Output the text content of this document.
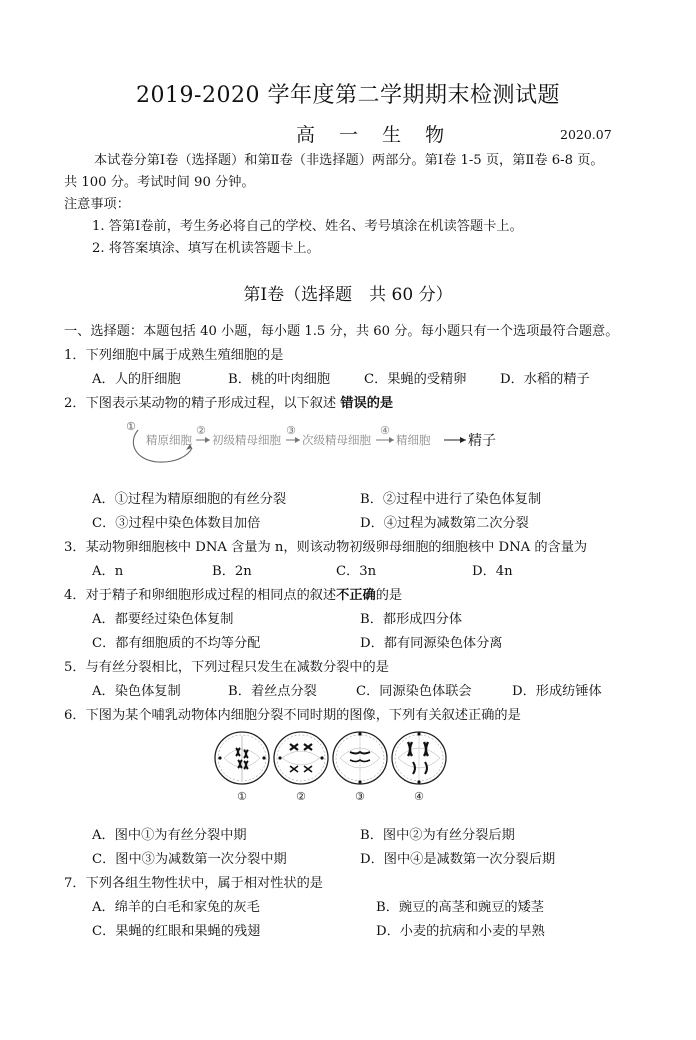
2019-2020 学年度第二学期期末检测试题
高 一 生 物	2020.07
本试卷分第Ⅰ卷（选择题）和第Ⅱ卷（非选择题）两部分。第Ⅰ卷 1-5 页，第Ⅱ卷 6-8 页。
共 100 分。考试时间 90 分钟。
注意事项：
1. 答第Ⅰ卷前，考生务必将自己的学校、姓名、考号填涂在机读答题卡上。
2. 将答案填涂、填写在机读答题卡上。
第Ⅰ卷（选择题　共 60 分）
一、选择题：本题包括 40 小题，每小题 1.5 分，共 60 分。每小题只有一个选项最符合题意。
1．下列细胞中属于成熟生殖细胞的是
A．人的肝细胞	B．桃的叶肉细胞	C．果蝇的受精卵	D．水稻的精子
2．下图表示某动物的精子形成过程，以下叙述 错误的是
①
精原细胞
②
初级精母细胞
③
次级精母细胞
④
精细胞	精子
A．①过程为精原细胞的有丝分裂	B．②过程中进行了染色体复制
C．③过程中染色体数目加倍	D．④过程为减数第二次分裂
3．某动物卵细胞核中 DNA 含量为 n，则该动物初级卵母细胞的细胞核中 DNA 的含量为
A．n	B．2n	C．3n	D．4n
4．对于精子和卵细胞形成过程的相同点的叙述不正确的是
A．都要经过染色体复制	B．都形成四分体
C．都有细胞质的不均等分配	D．都有同源染色体分离
5．与有丝分裂相比，下列过程只发生在减数分裂中的是
A．染色体复制	B．着丝点分裂	C．同源染色体联会	D．形成纺锤体
6．下图为某个哺乳动物体内细胞分裂不同时期的图像，下列有关叙述正确的是
①	②	③	④
A．图中①为有丝分裂中期	B．图中②为有丝分裂后期
C．图中③为减数第一次分裂中期	D．图中④是减数第一次分裂后期
7．下列各组生物性状中，属于相对性状的是
A．绵羊的白毛和家兔的灰毛	B．豌豆的高茎和豌豆的矮茎
C．果蝇的红眼和果蝇的残翅	D．小麦的抗病和小麦的早熟
